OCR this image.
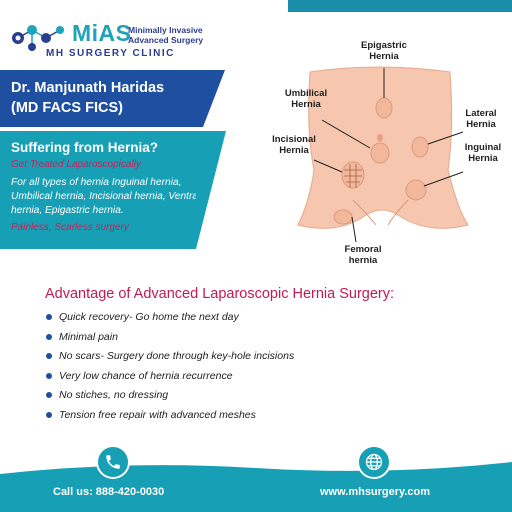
MiAS
Minimally Invasive
Advanced Surgery
MH SURGERY CLINIC
Dr. Manjunath Haridas
(MD FACS FICS)
Suffering from Hernia?
Get Treated Laparoscopically
For all types of hernia Inguinal hernia, Umbilical hernia, Incisional hernia, Ventral hernia, Epigastric hernia.
Painless, Scarless surgery
Epigastric
Hernia
Umbilical
Hernia
Lateral
Hernia
Incisional
Hernia	Inguinal
Hernia
Femoral
hernia
Advantage of Advanced Laparoscopic Hernia Surgery:
Quick recovery- Go home the next day
Minimal pain
No scars- Surgery done through key-hole incisions
Very low chance of hernia recurrence
No stiches, no dressing
Tension free repair with advanced meshes
Call us: 888-420-0030	www.mhsurgery.com
